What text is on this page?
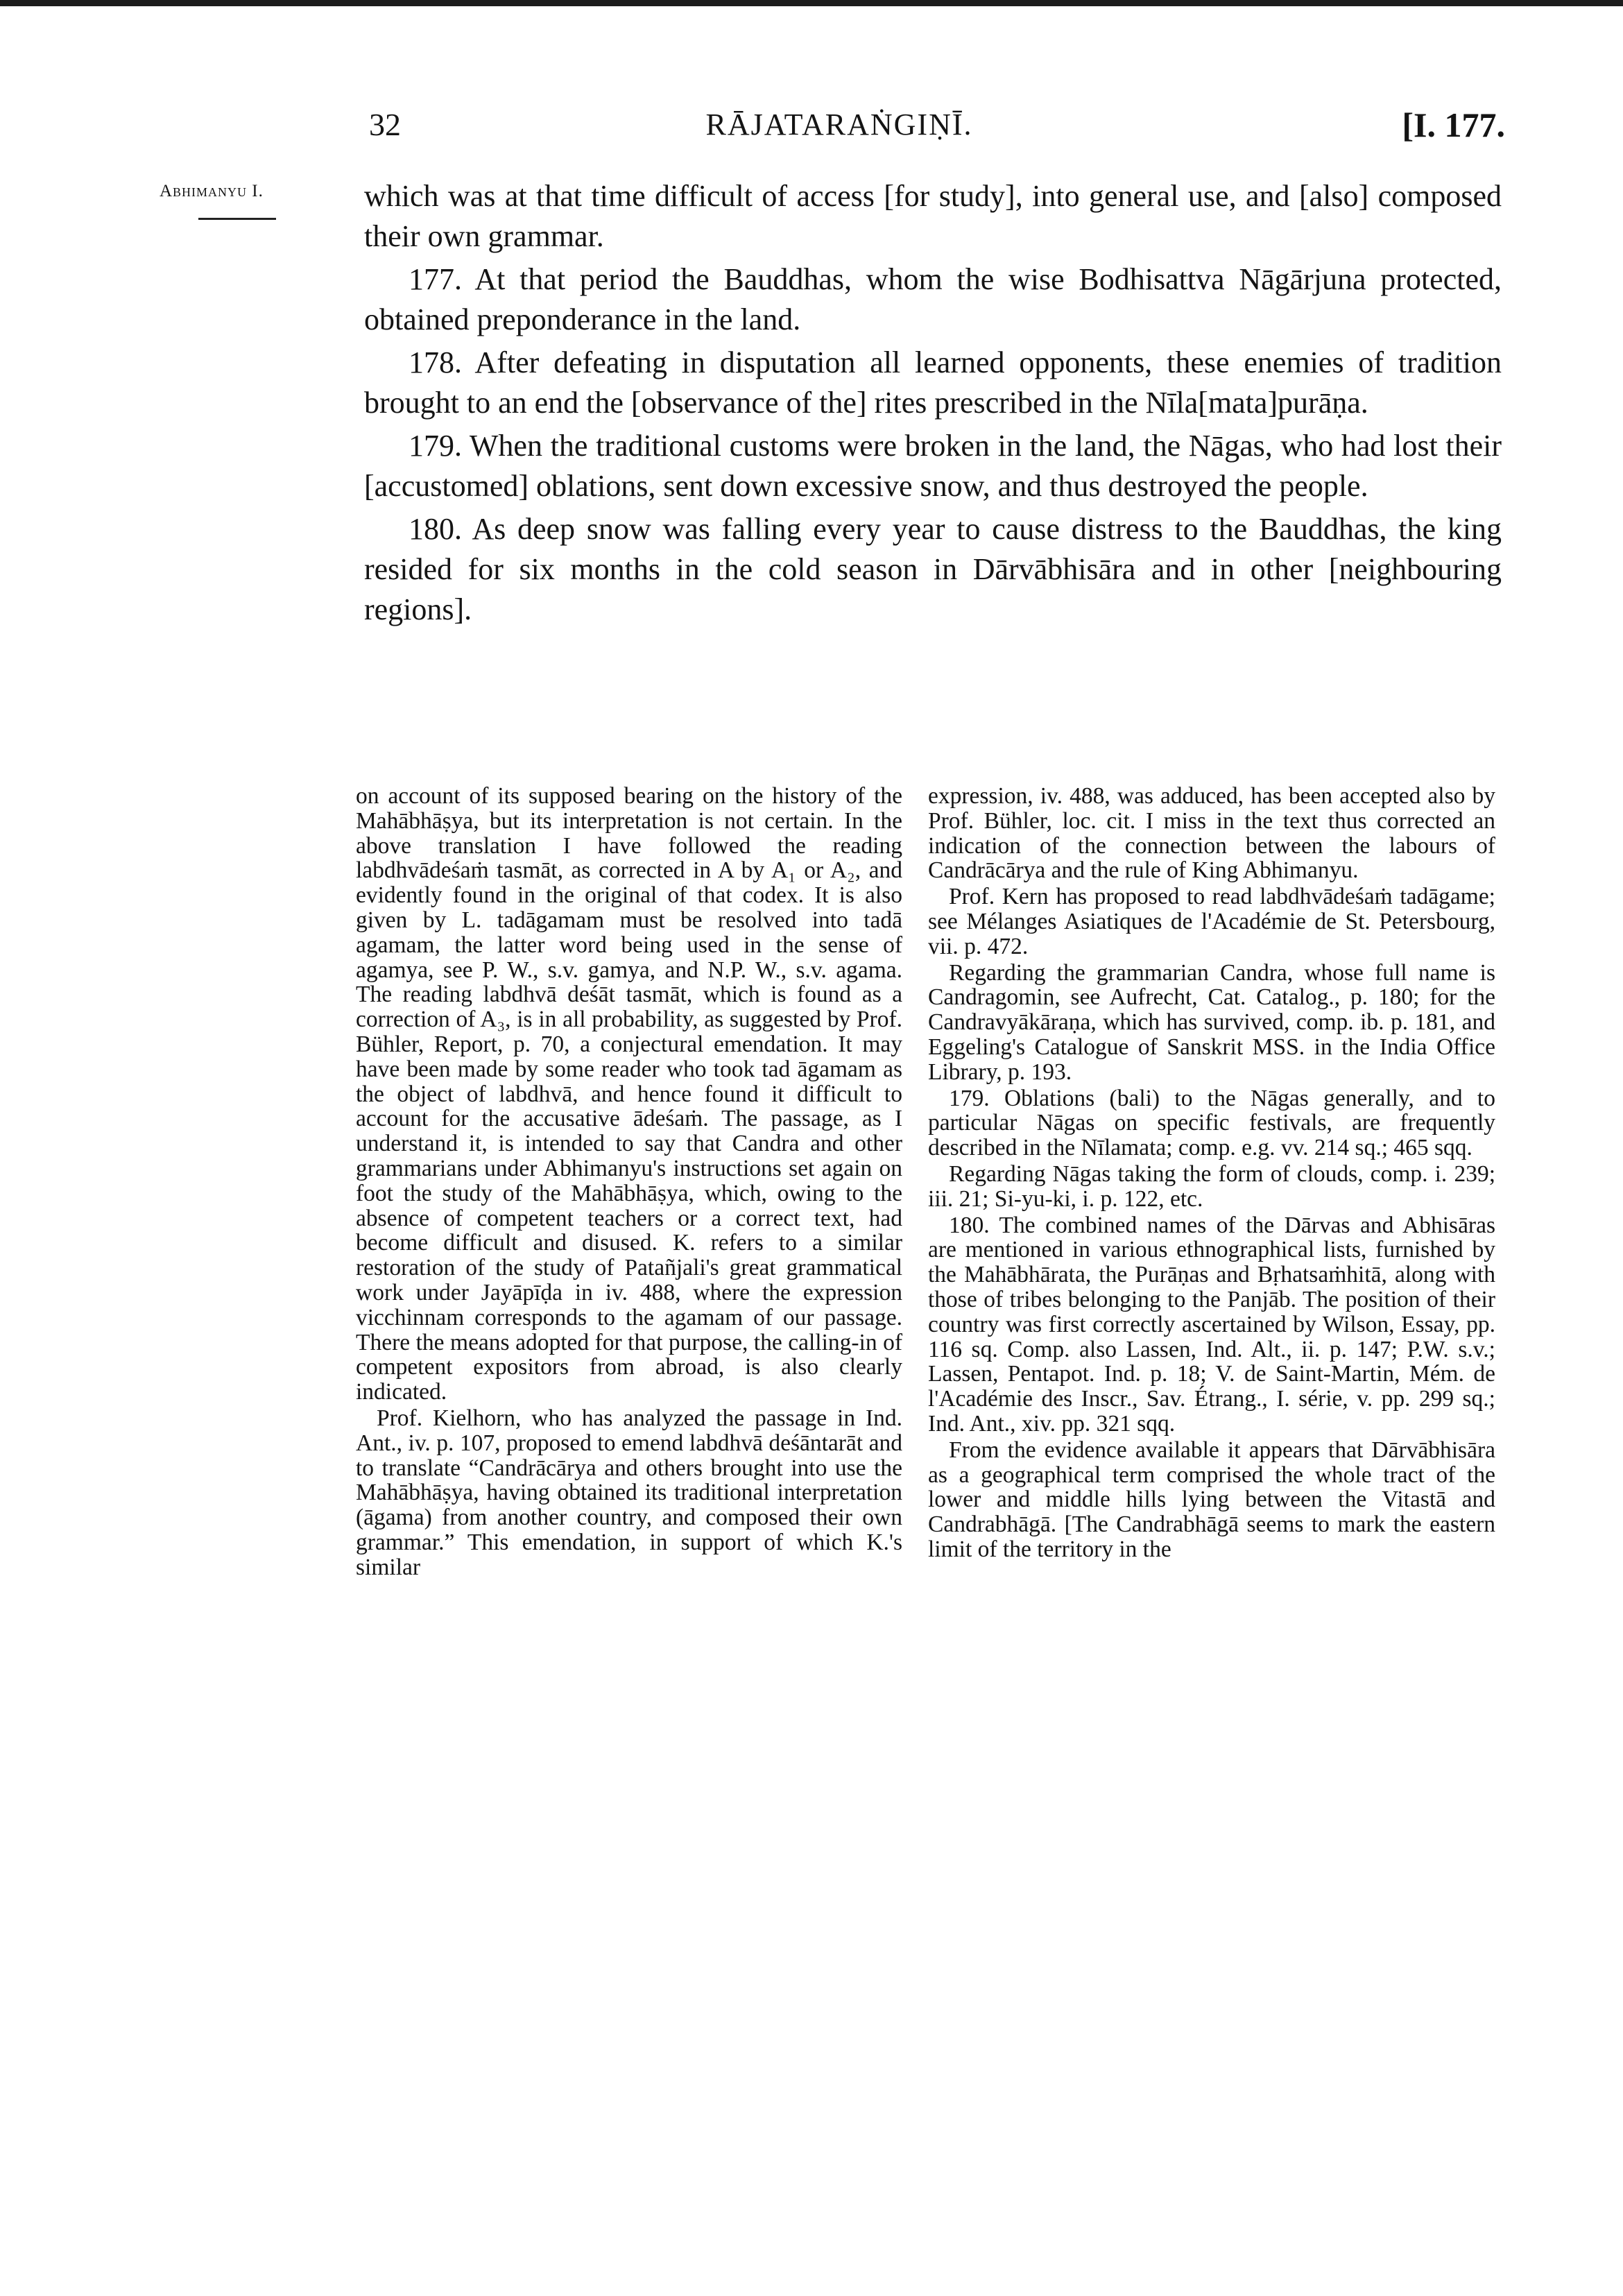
32	RĀJATARAṄGIṆĪ.	[I. 177.
Abhimanyu I.	which was at that time difficult of access [for study], into general use, and [also] composed their own grammar.

177. At that period the Bauddhas, whom the wise Bodhisattva Nāgārjuna protected, obtained preponderance in the land.

178. After defeating in disputation all learned opponents, these enemies of tradition brought to an end the [observance of the] rites prescribed in the Nīla[mata]purāṇa.

179. When the traditional customs were broken in the land, the Nāgas, who had lost their [accustomed] oblations, sent down excessive snow, and thus destroyed the people.

180. As deep snow was falling every year to cause distress to the Bauddhas, the king resided for six months in the cold season in Dārvābhisāra and in other [neighbouring regions].

on account of its supposed bearing on the history of the Mahābhāṣya, but its interpretation is not certain. In the above translation I have followed the reading labdhvādeśaṁ tasmāt, as corrected in A by A₁ or A₂, and evidently found in the original of that codex. It is also given by L. tadāgamam must be resolved into tadā agamam, the latter word being used in the sense of agamya, see P. W., s.v. gamya, and N.P. W., s.v. agama. The reading labdhvā deśāt tasmāt, which is found as a correction of A₃, is in all probability, as suggested by Prof. Bühler, Report, p. 70, a conjectural emendation. It may have been made by some reader who took tad āgamam as the object of labdhvā, and hence found it difficult to account for the accusative ādeśaṁ. The passage, as I understand it, is intended to say that Candra and other grammarians under Abhimanyu's instructions set again on foot the study of the Mahābhāṣya, which, owing to the absence of competent teachers or a correct text, had become difficult and disused. K. refers to a similar restoration of the study of Patañjali's great grammatical work under Jayāpīḍa in iv. 488, where the expression vicchinnam corresponds to the agamam of our passage. There the means adopted for that purpose, the calling-in of competent expositors from abroad, is also clearly indicated.

Prof. Kielhorn, who has analyzed the passage in Ind. Ant., iv. p. 107, proposed to emend labdhvā deśāntarāt and to translate “Candrācārya and others brought into use the Mahābhāṣya, having obtained its traditional interpretation (āgama) from another country, and composed their own grammar.” This emendation, in support of which K.'s similar

expression, iv. 488, was adduced, has been accepted also by Prof. Bühler, loc. cit. I miss in the text thus corrected an indication of the connection between the labours of Candrācārya and the rule of King Abhimanyu.

Prof. Kern has proposed to read labdhvādeśaṁ tadāgame; see Mélanges Asiatiques de l'Académie de St. Petersbourg, vii. p. 472.

Regarding the grammarian Candra, whose full name is Candragomin, see Aufrecht, Cat. Catalog., p. 180; for the Candravyākāraṇa, which has survived, comp. ib. p. 181, and Eggeling's Catalogue of Sanskrit MSS. in the India Office Library, p. 193.

179. Oblations (bali) to the Nāgas generally, and to particular Nāgas on specific festivals, are frequently described in the Nīlamata; comp. e.g. vv. 214 sq.; 465 sqq.

Regarding Nāgas taking the form of clouds, comp. i. 239; iii. 21; Si-yu-ki, i. p. 122, etc.

180. The combined names of the Dārvas and Abhisāras are mentioned in various ethnographical lists, furnished by the Mahābhārata, the Purāṇas and Bṛhatsaṁhitā, along with those of tribes belonging to the Panjāb. The position of their country was first correctly ascertained by Wilson, Essay, pp. 116 sq. Comp. also Lassen, Ind. Alt., ii. p. 147; P.W. s.v.; Lassen, Pentapot. Ind. p. 18; V. de Saint-Martin, Mém. de l'Académie des Inscr., Sav. Étrang., I. série, v. pp. 299 sq.; Ind. Ant., xiv. pp. 321 sqq.

From the evidence available it appears that Dārvābhisāra as a geographical term comprised the whole tract of the lower and middle hills lying between the Vitastā and Candrabhāgā. [The Candrabhāgā seems to mark the eastern limit of the territory in the
